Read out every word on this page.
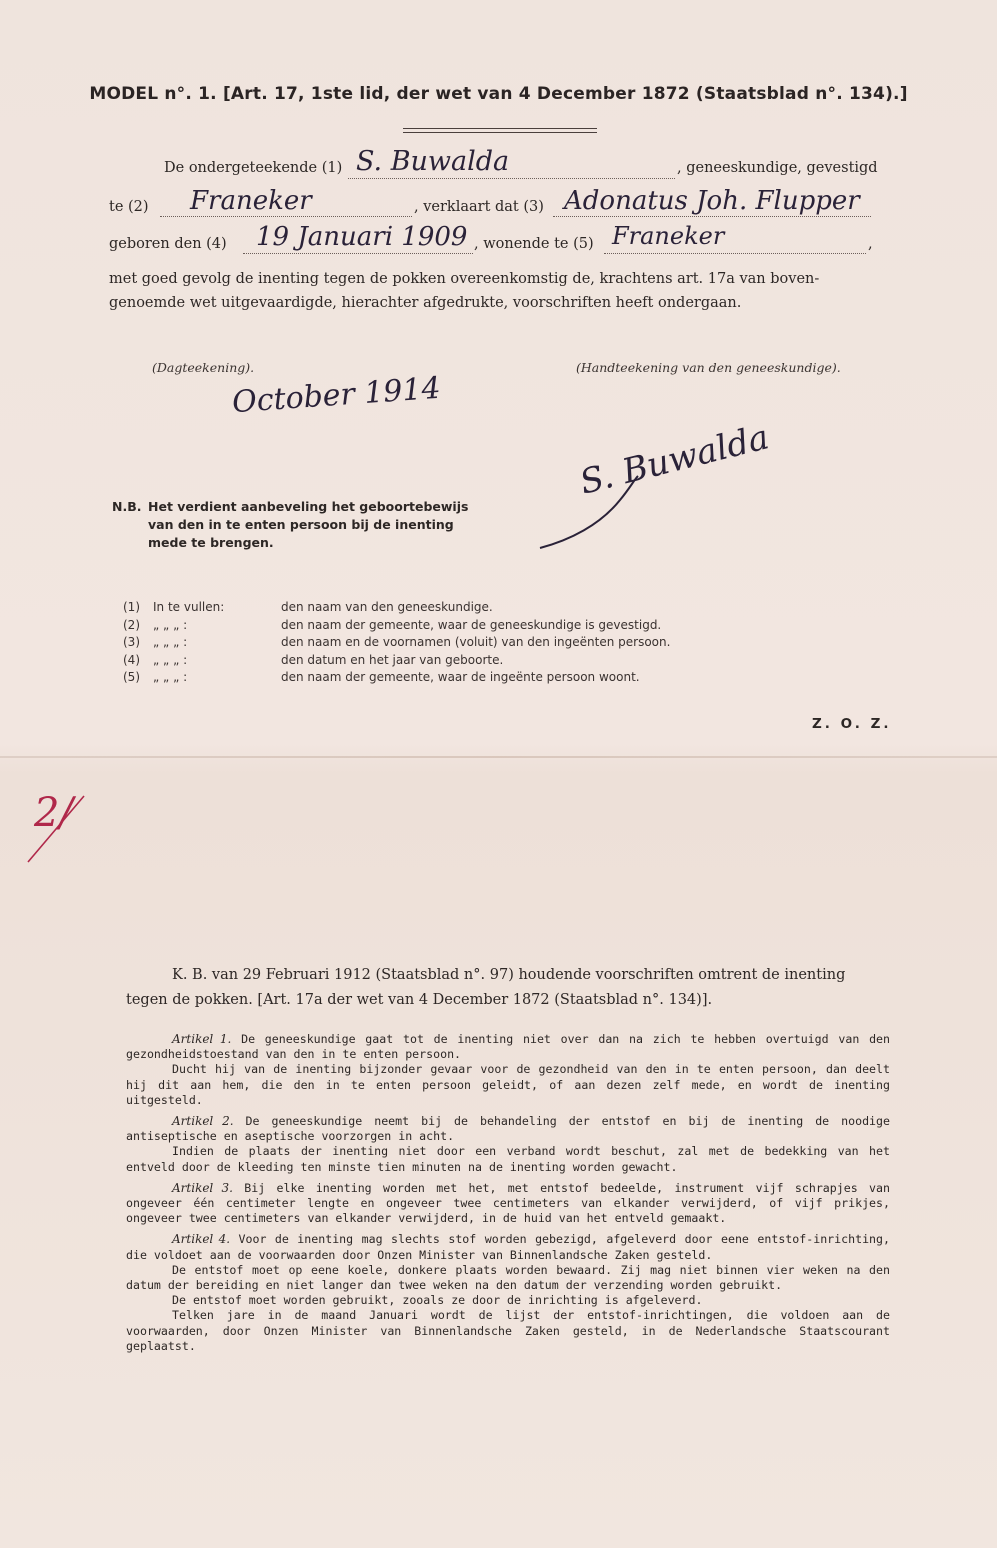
MODEL n°. 1. [Art. 17, 1ste lid, der wet van 4 December 1872 (Staatsblad n°. 134).]
De ondergeteekende (1) S. Buwalda	, geneeskundige, gevestigd
te (2) Franeker	, verklaart dat (3) Adonatus Joh. Flupper
geboren den (4) 19 Januari 1909 , wonende te (5) Franeker	,
met goed gevolg de inenting tegen de pokken overeenkomstig de, krachtens art. 17a van boven-
genoemde wet uitgevaardigde, hierachter afgedrukte, voorschriften heeft ondergaan.
(Dagteekening).
October 1914
(Handteekening van den geneeskundige).
S. Buwalda
N.B. Het verdient aanbeveling het geboortebewijs
van den in te enten persoon bij de inenting
mede te brengen.
(1)	In te vullen:	den naam van den geneeskundige.
(2)	„ „ „ :	den naam der gemeente, waar de geneeskundige is gevestigd.
(3)	„ „ „ :	den naam en de voornamen (voluit) van den ingeënten persoon.
(4)	„ „ „ :	den datum en het jaar van geboorte.
(5)	„ „ „ :	den naam der gemeente, waar de ingeënte persoon woont.
Z. O. Z.
2/
K. B. van 29 Februari 1912 (Staatsblad n°. 97) houdende voorschriften omtrent de inenting
tegen de pokken. [Art. 17a der wet van 4 December 1872 (Staatsblad n°. 134)].

Artikel 1. De geneeskundige gaat tot de inenting niet over dan na zich te hebben overtuigd van den gezondheidstoestand van den in te enten persoon.

Ducht hij van de inenting bijzonder gevaar voor de gezondheid van den in te enten persoon, dan deelt hij dit aan hem, die den in te enten persoon geleidt, of aan dezen zelf mede, en wordt de inenting uitgesteld.

Artikel 2. De geneeskundige neemt bij de behandeling der entstof en bij de inenting de noodige antiseptische en aseptische voorzorgen in acht.

Indien de plaats der inenting niet door een verband wordt beschut, zal met de bedekking van het entveld door de kleeding ten minste tien minuten na de inenting worden gewacht.

Artikel 3. Bij elke inenting worden met het, met entstof bedeelde, instrument vijf schrapjes van ongeveer één centimeter lengte en ongeveer twee centimeters van elkander verwijderd, of vijf prikjes, ongeveer twee centimeters van elkander verwijderd, in de huid van het entveld gemaakt.

Artikel 4. Voor de inenting mag slechts stof worden gebezigd, afgeleverd door eene entstof-inrichting, die voldoet aan de voorwaarden door Onzen Minister van Binnenlandsche Zaken gesteld.

De entstof moet op eene koele, donkere plaats worden bewaard. Zij mag niet binnen vier weken na den datum der bereiding en niet langer dan twee weken na den datum der verzending worden gebruikt.

De entstof moet worden gebruikt, zooals ze door de inrichting is afgeleverd.

Telken jare in de maand Januari wordt de lijst der entstof-inrichtingen, die voldoen aan de voorwaarden, door Onzen Minister van Binnenlandsche Zaken gesteld, in de Nederlandsche Staatscourant geplaatst.
